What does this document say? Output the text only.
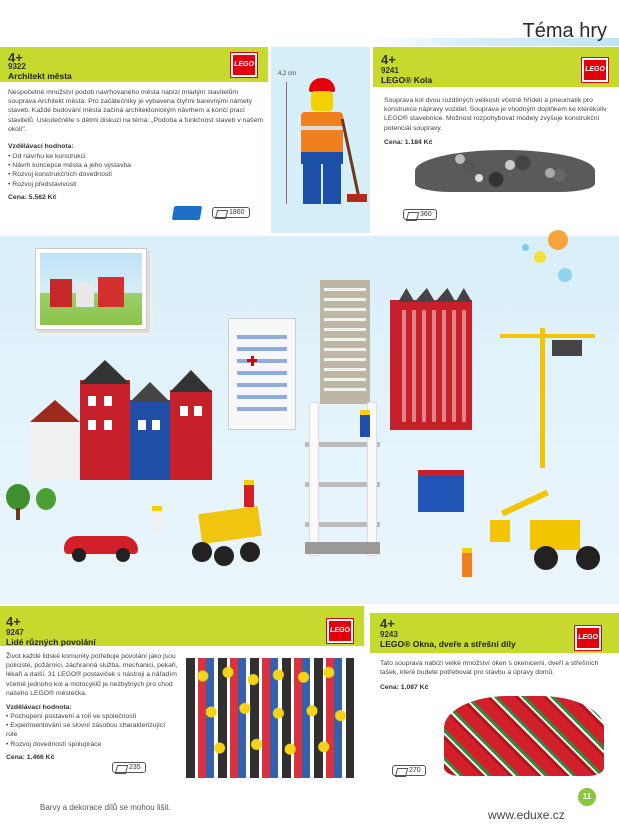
Téma hry
4+
9322
Architekt města
LEGO
Nespočetné množství podob navrhovaného města nabízí mladým stavitelům souprava Architekt města. Pro začátečníky je vybavena čtyřmi barevnými námety staveb. Každé budování města začíná architektonickým návrhem a končí prací stavitelů. Uskutečněte s dětmi diskuzi na téma: „Podoba a funkčnost staveb v našem okolí".
Vzdělávací hodnota:
• Od návrhu ke konstrukci
• Návrh koncepce města a jeho výstavba
• Rozvoj konstrukčních dovedností
• Rozvoj představivosti
Cena: 5.562 Kč
1860
4,2 cm
4+
9241
LEGO® Kola
LEGO
Souprava kol dvou rozdílných velikostí včetně hřídelí a pneumatik pro konstrukce nápravy vozidel. Souprava je vhodným doplňkem ke kterékoliv LEGO® stavebnice. Možnost rozpohybovat modely zvyšuje konstrukční potenciál soupravy.
Cena: 1.184 Kč
360
4+
9247
Lidé různých povolání
LEGO
Život každé lidské komunity potřebuje povolání jako jsou policisté, požárníci, záchranná služba, mechanici, pekaři, lékaři a další. 31 LEGO® postaviček s nástroji a nářadím včetně jednoho kol a motocyklů je nezbytných pro chod našeho LEGO® městečka.
Vzdělávací hodnota:
• Pochopení postavení a rolí ve společnosti
• Experimentování se slovní zásobou charakterizující role
• Rozvoj dovedností spolupráce
Cena: 1.466 Kč
235
4+
9243
LEGO® Okna, dveře a střešní díly
LEGO
Tato souprava nabízí velké množství oken s okenicemi, dveří a střešních tašek, které budete potřebovat pro stavbu a úpravy domů.
Cena: 1.087 Kč
270
Barvy a dekorace dílů se mohou lišit.
www.eduxe.cz
11
